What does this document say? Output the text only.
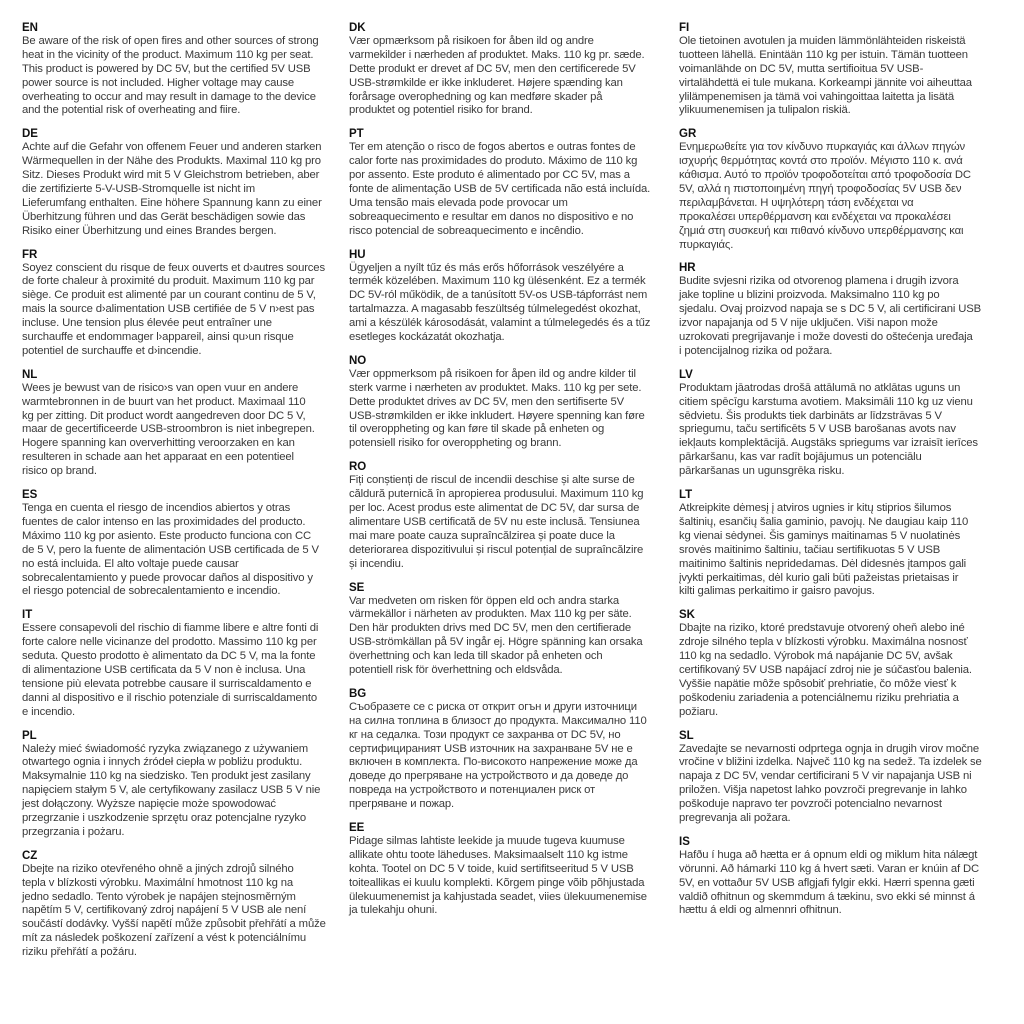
EN
Be aware of the risk of open fires and other sources of strong
heat in the vicinity of the product. Maximum 110 kg per seat.
This product is powered by DC 5V, but the certified 5V USB
power source is not included. Higher voltage may cause
overheating to occur and may result in damage to the device
and the potential risk of overheating and fiire.
DE
Achte auf die Gefahr von offenem Feuer und anderen starken
Wärmequellen in der Nähe des Produkts. Maximal 110 kg pro
Sitz. Dieses Produkt wird mit 5 V Gleichstrom betrieben, aber
die zertifizierte 5-V-USB-Stromquelle ist nicht im
Lieferumfang enthalten. Eine höhere Spannung kann zu einer
Überhitzung führen und das Gerät beschädigen sowie das
Risiko einer Überhitzung und eines Brandes bergen.
FR
Soyez conscient du risque de feux ouverts et d›autres sources
de forte chaleur à proximité du produit. Maximum 110 kg par
siège. Ce produit est alimenté par un courant continu de 5 V,
mais la source d›alimentation USB certifiée de 5 V n›est pas
incluse. Une tension plus élevée peut entraîner une
surchauffe et endommager l›appareil, ainsi qu›un risque
potentiel de surchauffe et d›incendie.
NL
Wees je bewust van de risico›s van open vuur en andere
warmtebronnen in de buurt van het product. Maximaal 110
kg per zitting. Dit product wordt aangedreven door DC 5 V,
maar de gecertificeerde USB-stroombron is niet inbegrepen.
Hogere spanning kan oververhitting veroorzaken en kan
resulteren in schade aan het apparaat en een potentieel
risico op brand.
ES
Tenga en cuenta el riesgo de incendios abiertos y otras
fuentes de calor intenso en las proximidades del producto.
Máximo 110 kg por asiento. Este producto funciona con CC
de 5 V, pero la fuente de alimentación USB certificada de 5 V
no está incluida. El alto voltaje puede causar
sobrecalentamiento y puede provocar daños al dispositivo y
el riesgo potencial de sobrecalentamiento e incendio.
IT
Essere consapevoli del rischio di fiamme libere e altre fonti di
forte calore nelle vicinanze del prodotto. Massimo 110 kg per
seduta. Questo prodotto è alimentato da DC 5 V, ma la fonte
di alimentazione USB certificata da 5 V non è inclusa. Una
tensione più elevata potrebbe causare il surriscaldamento e
danni al dispositivo e il rischio potenziale di surriscaldamento
e incendio.
PL
Należy mieć świadomość ryzyka związanego z używaniem
otwartego ognia i innych źródeł ciepła w pobliżu produktu.
Maksymalnie 110 kg na siedzisko. Ten produkt jest zasilany
napięciem stałym 5 V, ale certyfikowany zasilacz USB 5 V nie
jest dołączony. Wyższe napięcie może spowodować
przegrzanie i uszkodzenie sprzętu oraz potencjalne ryzyko
przegrzania i pożaru.
CZ
Dbejte na riziko otevřeného ohně a jiných zdrojů silného
tepla v blízkosti výrobku. Maximální hmotnost 110 kg na
jedno sedadlo. Tento výrobek je napájen stejnosměrným
napětím 5 V, certifikovaný zdroj napájení 5 V USB ale není
součástí dodávky. Vyšší napětí může způsobit přehřátí a může
mít za následek poškození zařízení a vést k potenciálnímu
riziku přehřátí a požáru.
DK
Vær opmærksom på risikoen for åben ild og andre
varmekilder i nærheden af produktet. Maks. 110 kg pr. sæde.
Dette produkt er drevet af DC 5V, men den certificerede 5V
USB-strømkilde er ikke inkluderet. Højere spænding kan
forårsage overophedning og kan medføre skader på
produktet og potentiel risiko for brand.
PT
Ter em atenção o risco de fogos abertos e outras fontes de
calor forte nas proximidades do produto. Máximo de 110 kg
por assento. Este produto é alimentado por CC 5V, mas a
fonte de alimentação USB de 5V certificada não está incluída.
Uma tensão mais elevada pode provocar um
sobreaquecimento e resultar em danos no dispositivo e no
risco potencial de sobreaquecimento e incêndio.
HU
Ügyeljen a nyílt tűz és más erős hőforrások veszélyére a
termék közelében. Maximum 110 kg ülésenként. Ez a termék
DC 5V-ról működik, de a tanúsított 5V-os USB-tápforrást nem
tartalmazza. A magasabb feszültség túlmelegedést okozhat,
ami a készülék károsodását, valamint a túlmelegedés és a tűz
esetleges kockázatát okozhatja.
NO
Vær oppmerksom på risikoen for åpen ild og andre kilder til
sterk varme i nærheten av produktet. Maks. 110 kg per sete.
Dette produktet drives av DC 5V, men den sertifiserte 5V
USB-strømkilden er ikke inkludert. Høyere spenning kan føre
til overoppheting og kan føre til skade på enheten og
potensiell risiko for overoppheting og brann.
RO
Fiți conștienți de riscul de incendii deschise și alte surse de
căldură puternică în apropierea produsului. Maximum 110 kg
per loc. Acest produs este alimentat de DC 5V, dar sursa de
alimentare USB certificată de 5V nu este inclusă. Tensiunea
mai mare poate cauza supraîncălzirea și poate duce la
deteriorarea dispozitivului și riscul potențial de supraîncălzire
și incendiu.
SE
Var medveten om risken för öppen eld och andra starka
värmekällor i närheten av produkten. Max 110 kg per säte.
Den här produkten drivs med DC 5V, men den certifierade
USB-strömkällan på 5V ingår ej. Högre spänning kan orsaka
överhettning och kan leda till skador på enheten och
potentiell risk för överhettning och eldsvåda.
BG
Съобразете се с риска от открит огън и други източници
на силна топлина в близост до продукта. Максимално 110
кг на седалка. Този продукт се захранва от DC 5V, но
сертифицираният USB източник на захранване 5V не е
включен в комплекта. По-високото напрежение може да
доведе до прегряване на устройството и да доведе до
повреда на устройството и потенциален риск от
прегряване и пожар.
EE
Pidage silmas lahtiste leekide ja muude tugeva kuumuse
allikate ohtu toote läheduses. Maksimaalselt 110 kg istme
kohta. Tootel on DC 5 V toide, kuid sertifitseeritud 5 V USB
toiteallikas ei kuulu komplekti. Kõrgem pinge võib põhjustada
ülekuumenemist ja kahjustada seadet, viies ülekuumenemise
ja tulekahju ohuni.
FI
Ole tietoinen avotulen ja muiden lämmönlähteiden riskeistä
tuotteen lähellä. Enintään 110 kg per istuin. Tämän tuotteen
voimanlähde on DC 5V, mutta sertifioitua 5V USB-
virtalähdettä ei tule mukana. Korkeampi jännite voi aiheuttaa
ylilämpenemisen ja tämä voi vahingoittaa laitetta ja lisätä
ylikuumenemisen ja tulipalon riskiä.
GR
Ενημερωθείτε για τον κίνδυνο πυρκαγιάς και άλλων πηγών
ισχυρής θερμότητας κοντά στο προϊόν. Μέγιστο 110 κ. ανά
κάθισμα. Αυτό το προϊόν τροφοδοτείται από τροφοδοσία DC
5V, αλλά η πιστοποιημένη πηγή τροφοδοσίας 5V USB δεν
περιλαμβάνεται. Η υψηλότερη τάση ενδέχεται να
προκαλέσει υπερθέρμανση και ενδέχεται να προκαλέσει
ζημιά στη συσκευή και πιθανό κίνδυνο υπερθέρμανσης και
πυρκαγιάς.
HR
Budite svjesni rizika od otvorenog plamena i drugih izvora
jake topline u blizini proizvoda. Maksimalno 110 kg po
sjedalu. Ovaj proizvod napaja se s DC 5 V, ali certificirani USB
izvor napajanja od 5 V nije uključen. Viši napon može
uzrokovati pregrijavanje i može dovesti do oštećenja uređaja
i potencijalnog rizika od požara.
LV
Produktam jāatrodas drošā attālumā no atklātas uguns un
citiem spēcīgu karstuma avotiem. Maksimāli 110 kg uz vienu
sēdvietu. Šis produkts tiek darbināts ar līdzstrāvas 5 V
spriegumu, taču sertificēts 5 V USB barošanas avots nav
iekļauts komplektācijā. Augstāks spriegums var izraisīt ierīces
pārkaršanu, kas var radīt bojājumus un potenciālu
pārkaršanas un ugunsgrēka risku.
LT
Atkreipkite dėmesį į atviros ugnies ir kitų stiprios šilumos
šaltinių, esančių šalia gaminio, pavojų. Ne daugiau kaip 110
kg vienai sėdynei. Šis gaminys maitinamas 5 V nuolatinės
srovės maitinimo šaltiniu, tačiau sertifikuotas 5 V USB
maitinimo šaltinis nepridedamas. Dėl didesnės įtampos gali
įvykti perkaitimas, dėl kurio gali būti pažeistas prietaisas ir
kilti galimas perkaitimo ir gaisro pavojus.
SK
Dbajte na riziko, ktoré predstavuje otvorený oheň alebo iné
zdroje silného tepla v blízkosti výrobku. Maximálna nosnosť
110 kg na sedadlo. Výrobok má napájanie DC 5V, avšak
certifikovaný 5V USB napájací zdroj nie je súčasťou balenia.
Vyššie napätie môže spôsobiť prehriatie, čo môže viesť k
poškodeniu zariadenia a potenciálnemu riziku prehriatia a
požiaru.
SL
Zavedajte se nevarnosti odprtega ognja in drugih virov močne
vročine v bližini izdelka. Največ 110 kg na sedež. Ta izdelek se
napaja z DC 5V, vendar certificirani 5 V vir napajanja USB ni
priložen. Višja napetost lahko povzroči pregrevanje in lahko
poškoduje napravo ter povzroči potencialno nevarnost
pregrevanja ali požara.
IS
Hafðu í huga að hætta er á opnum eldi og miklum hita nálægt
vörunni. Að hámarki 110 kg á hvert sæti. Varan er knúin af DC
5V, en vottaður 5V USB aflgjafi fylgir ekki. Hærri spenna gæti
valdið ofhitnun og skemmdum á tækinu, svo ekki sé minnst á
hættu á eldi og almennri ofhitnun.
